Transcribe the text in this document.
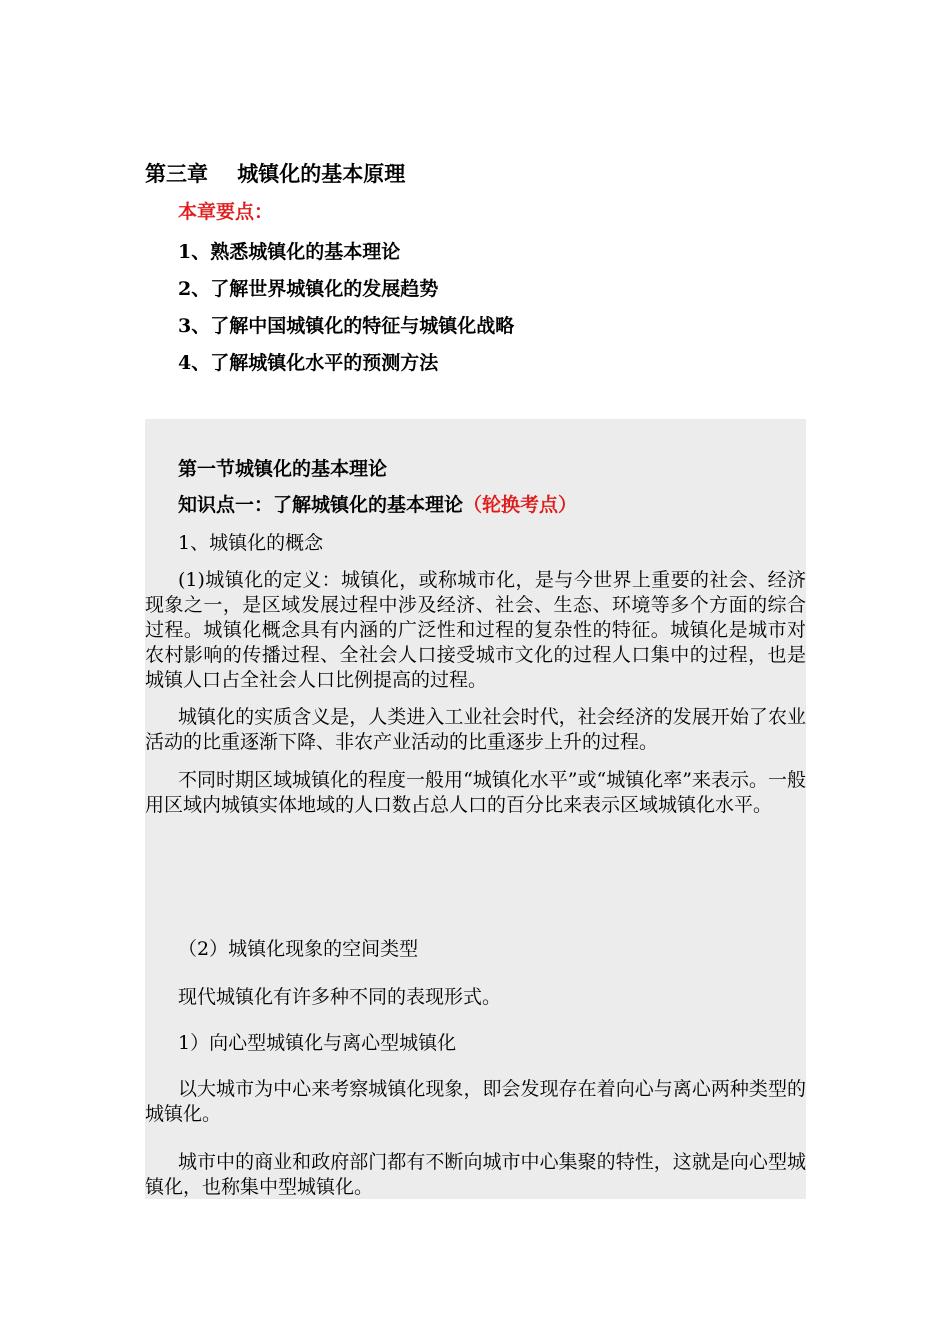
第三章    城镇化的基本原理
本章要点：
1、熟悉城镇化的基本理论
2、了解世界城镇化的发展趋势
3、了解中国城镇化的特征与城镇化战略
4、了解城镇化水平的预测方法
第一节城镇化的基本理论
知识点一：了解城镇化的基本理论（轮换考点）
1、城镇化的概念

(1)城镇化的定义：城镇化，或称城市化，是与今世界上重要的社会、经济现象之一，是区域发展过程中涉及经济、社会、生态、环境等多个方面的综合过程。城镇化概念具有内涵的广泛性和过程的复杂性的特征。城镇化是城市对农村影响的传播过程、全社会人口接受城市文化的过程人口集中的过程，也是城镇人口占全社会人口比例提高的过程。

城镇化的实质含义是，人类进入工业社会时代，社会经济的发展开始了农业活动的比重逐渐下降、非农产业活动的比重逐步上升的过程。

不同时期区域城镇化的程度一般用“城镇化水平”或“城镇化率”来表示。一般用区域内城镇实体地域的人口数占总人口的百分比来表示区域城镇化水平。

（2）城镇化现象的空间类型
现代城镇化有许多种不同的表现形式。
1）向心型城镇化与离心型城镇化

以大城市为中心来考察城镇化现象，即会发现存在着向心与离心两种类型的城镇化。

城市中的商业和政府部门都有不断向城市中心集聚的特性，这就是向心型城镇化，也称集中型城镇化。
